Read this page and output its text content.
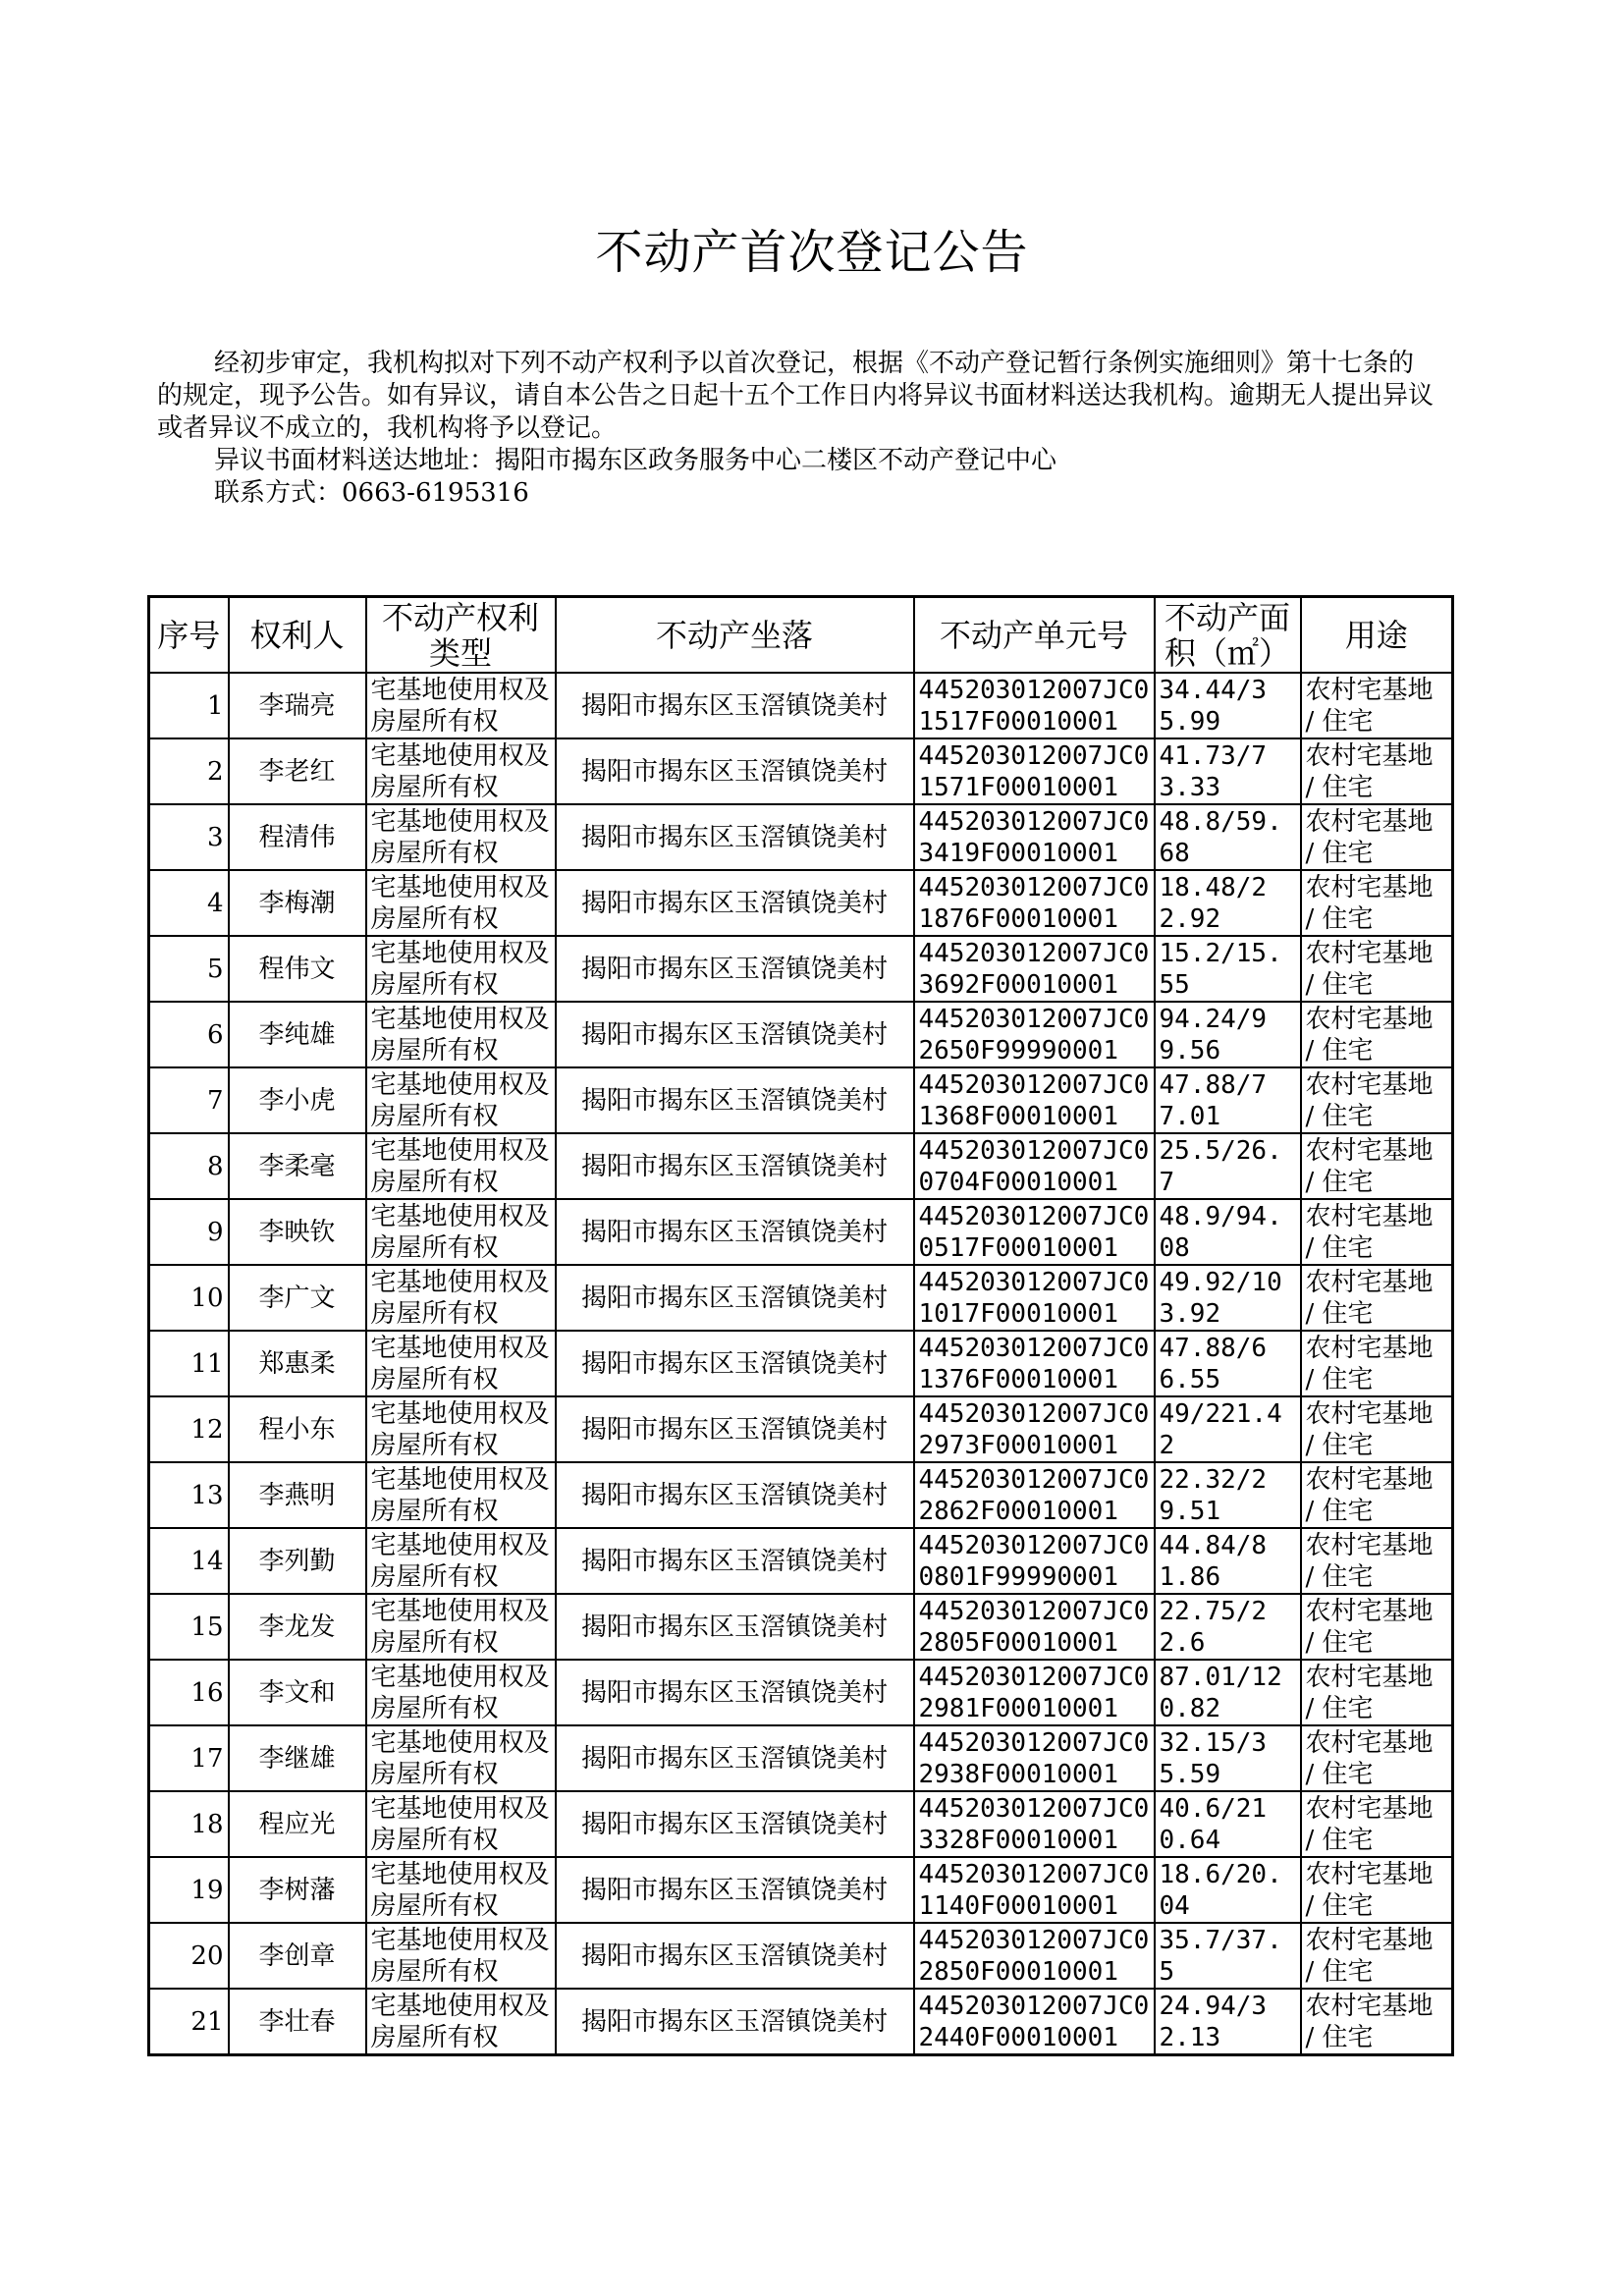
不动产首次登记公告

经初步审定，我机构拟对下列不动产权利予以首次登记，根据《不动产登记暂行条例实施细则》第十七条的的规定，现予公告。如有异议，请自本公告之日起十五个工作日内将异议书面材料送达我机构。逾期无人提出异议或者异议不成立的，我机构将予以登记。

异议书面材料送达地址：揭阳市揭东区政务服务中心二楼区不动产登记中心

联系方式：0663-6195316

序号	权利人	不动产权利类型	不动产坐落	不动产单元号	不动产面积（㎡）	用途
1	李瑞亮	宅基地使用权及房屋所有权	揭阳市揭东区玉滘镇饶美村	445203012007JC01517F00010001	34.44/35.99	农村宅基地 / 住宅
2	李老红	宅基地使用权及房屋所有权	揭阳市揭东区玉滘镇饶美村	445203012007JC01571F00010001	41.73/73.33	农村宅基地 / 住宅
3	程清伟	宅基地使用权及房屋所有权	揭阳市揭东区玉滘镇饶美村	445203012007JC03419F00010001	48.8/59.68	农村宅基地 / 住宅
4	李梅潮	宅基地使用权及房屋所有权	揭阳市揭东区玉滘镇饶美村	445203012007JC01876F00010001	18.48/22.92	农村宅基地 / 住宅
5	程伟文	宅基地使用权及房屋所有权	揭阳市揭东区玉滘镇饶美村	445203012007JC03692F00010001	15.2/15.55	农村宅基地 / 住宅
6	李纯雄	宅基地使用权及房屋所有权	揭阳市揭东区玉滘镇饶美村	445203012007JC02650F99990001	94.24/99.56	农村宅基地 / 住宅
7	李小虎	宅基地使用权及房屋所有权	揭阳市揭东区玉滘镇饶美村	445203012007JC01368F00010001	47.88/77.01	农村宅基地 / 住宅
8	李柔毫	宅基地使用权及房屋所有权	揭阳市揭东区玉滘镇饶美村	445203012007JC00704F00010001	25.5/26.7	农村宅基地 / 住宅
9	李映钦	宅基地使用权及房屋所有权	揭阳市揭东区玉滘镇饶美村	445203012007JC00517F00010001	48.9/94.08	农村宅基地 / 住宅
10	李广文	宅基地使用权及房屋所有权	揭阳市揭东区玉滘镇饶美村	445203012007JC01017F00010001	49.92/103.92	农村宅基地 / 住宅
11	郑惠柔	宅基地使用权及房屋所有权	揭阳市揭东区玉滘镇饶美村	445203012007JC01376F00010001	47.88/66.55	农村宅基地 / 住宅
12	程小东	宅基地使用权及房屋所有权	揭阳市揭东区玉滘镇饶美村	445203012007JC02973F00010001	49/221.42	农村宅基地 / 住宅
13	李燕明	宅基地使用权及房屋所有权	揭阳市揭东区玉滘镇饶美村	445203012007JC02862F00010001	22.32/29.51	农村宅基地 / 住宅
14	李列勤	宅基地使用权及房屋所有权	揭阳市揭东区玉滘镇饶美村	445203012007JC00801F99990001	44.84/81.86	农村宅基地 / 住宅
15	李龙发	宅基地使用权及房屋所有权	揭阳市揭东区玉滘镇饶美村	445203012007JC02805F00010001	22.75/22.6	农村宅基地 / 住宅
16	李文和	宅基地使用权及房屋所有权	揭阳市揭东区玉滘镇饶美村	445203012007JC02981F00010001	87.01/120.82	农村宅基地 / 住宅
17	李继雄	宅基地使用权及房屋所有权	揭阳市揭东区玉滘镇饶美村	445203012007JC02938F00010001	32.15/35.59	农村宅基地 / 住宅
18	程应光	宅基地使用权及房屋所有权	揭阳市揭东区玉滘镇饶美村	445203012007JC03328F00010001	40.6/210.64	农村宅基地 / 住宅
19	李树藩	宅基地使用权及房屋所有权	揭阳市揭东区玉滘镇饶美村	445203012007JC01140F00010001	18.6/20.04	农村宅基地 / 住宅
20	李创章	宅基地使用权及房屋所有权	揭阳市揭东区玉滘镇饶美村	445203012007JC02850F00010001	35.7/37.5	农村宅基地 / 住宅
21	李壮春	宅基地使用权及房屋所有权	揭阳市揭东区玉滘镇饶美村	445203012007JC02440F00010001	24.94/32.13	农村宅基地 / 住宅
